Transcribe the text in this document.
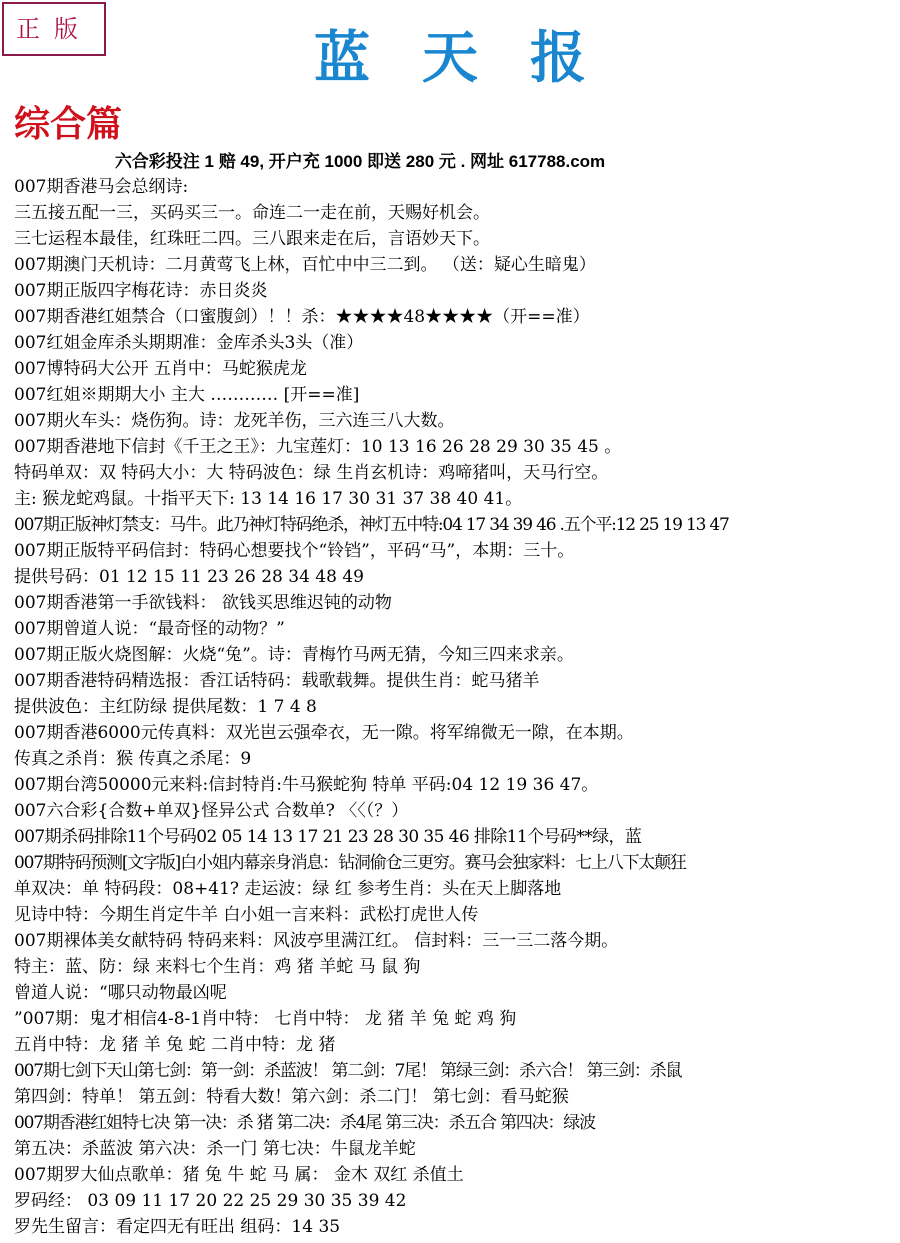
正版	蓝天报
综合篇
六合彩投注 1 赔 49, 开户充 1000 即送 280 元 . 网址 617788.com
007期香港马会总纲诗:
三五接五配一三，买码买三一。命连二一走在前，天赐好机会。
三七运程本最佳，红珠旺二四。三八跟来走在后，言语妙天下。
007期澳门天机诗：二月黄莺飞上林，百忙中中三二到。 （送：疑心生暗鬼）
007期正版四字梅花诗：赤日炎炎
007期香港红姐禁合（口蜜腹剑）！！杀：★★★★48★★★★（开==准）
007红姐金库杀头期期准：金库杀头3头（准）
007博特码大公开 五肖中：马蛇猴虎龙
007红姐※期期大小 主大 ………… [开==准]
007期火车头：烧伤狗。诗：龙死羊伤，三六连三八大数。
007期香港地下信封《千王之王》：九宝莲灯：10 13 16 26 28 29 30 35 45 。
特码单双：双 特码大小：大 特码波色：绿 生肖玄机诗：鸡啼猪叫，天马行空。
主: 猴龙蛇鸡鼠。十指平天下: 13 14 16 17 30 31 37 38 40 41。
007期正版神灯禁支：马牛。此乃神灯特码绝杀，神灯五中特:04 17 34 39 46 .五个平:12 25 19 13 47
007期正版特平码信封：特码心想要找个“铃铛”，平码“马”，本期：三十。
提供号码：01 12 15 11 23 26 28 34 48 49
007期香港第一手欲钱料： 欲钱买思维迟钝的动物
007期曾道人说：“最奇怪的动物？”
007期正版火烧图解：火烧“兔”。诗：青梅竹马两无猜，今知三四来求亲。
007期香港特码精选报：香江话特码：载歌载舞。提供生肖：蛇马猪羊
提供波色：主红防绿 提供尾数：1 7 4 8
007期香港6000元传真料：双光岜云强牵衣，无一隙。将军绵微无一隙，在本期。
传真之杀肖：猴 传真之杀尾：9
007期台湾50000元来料:信封特肖:牛马猴蛇狗 特单 平码:04 12 19 36 47。
007六合彩{合数+单双}怪异公式 合数单? 〈〈（？）
007期杀码排除11个号码02 05 14 13 17 21 23 28 30 35 46 排除11个号码**绿，蓝
007期特码预测[文字版]白小姐内幕亲身消息：钻洞偷仓三更穷。赛马会独家料：七上八下太颠狂
单双决：单 特码段：08+41? 走运波：绿 红 参考生肖：头在天上脚落地
见诗中特：今期生肖定牛羊 白小姐一言来料：武松打虎世人传
007期裸体美女献特码 特码来料：风波亭里满江红。 信封料：三一三二落今期。
特主：蓝、防：绿 来料七个生肖：鸡 猪 羊蛇 马 鼠 狗
曾道人说：“哪只动物最凶呢
”007期：鬼才相信4-8-1肖中特： 七肖中特： 龙 猪 羊 兔 蛇 鸡 狗
五肖中特：龙 猪 羊 兔 蛇 二肖中特：龙 猪
007期七剑下天山第七剑：第一剑：杀蓝波！ 第二剑：7尾！ 第绿三剑：杀六合！ 第三剑：杀鼠
第四剑：特单！ 第五剑：特看大数！第六剑：杀二门！ 第七剑：看马蛇猴
007期香港红姐特七决 第一决：杀 猪 第二决：杀4尾 第三决：杀五合 第四决：绿波
第五决：杀蓝波 第六决：杀一门 第七决：牛鼠龙羊蛇
007期罗大仙点歌单：猪 兔 牛 蛇 马 属： 金木 双红 杀值土
罗码经： 03 09 11 17 20 22 25 29 30 35 39 42
罗先生留言：看定四无有旺出 组码：14 35
